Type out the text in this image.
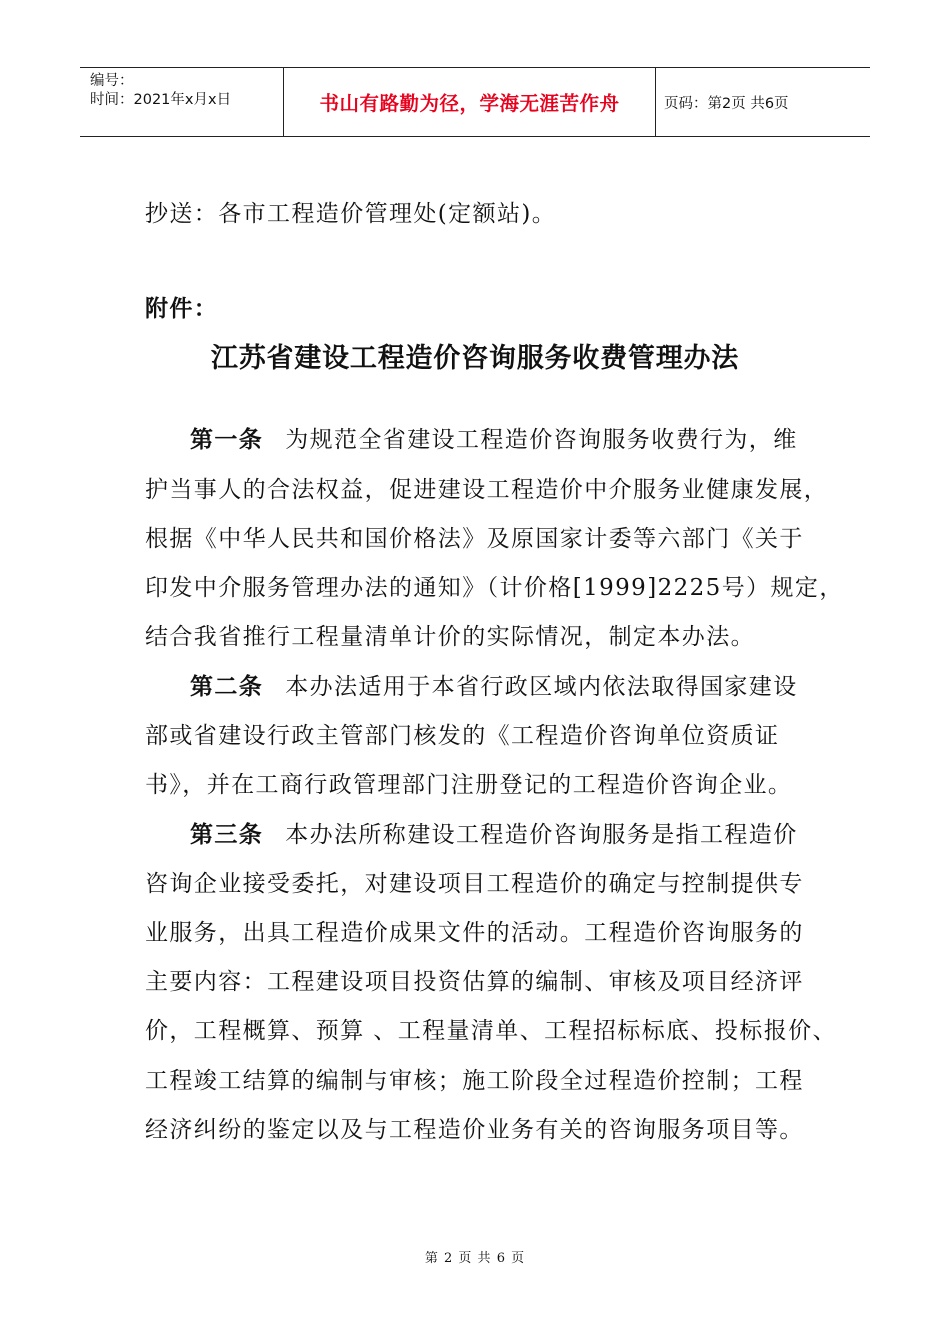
编号：
时间：2021年x月x日	书山有路勤为径，学海无涯苦作舟	页码：第2页 共6页
抄送：各市工程造价管理处(定额站)。
附件：
江苏省建设工程造价咨询服务收费管理办法
第一条 为规范全省建设工程造价咨询服务收费行为，维
护当事人的合法权益，促进建设工程造价中介服务业健康发展，
根据《中华人民共和国价格法》及原国家计委等六部门《关于
印发中介服务管理办法的通知》（计价格[1999]2225号）规定，
结合我省推行工程量清单计价的实际情况，制定本办法。
第二条 本办法适用于本省行政区域内依法取得国家建设
部或省建设行政主管部门核发的《工程造价咨询单位资质证
书》，并在工商行政管理部门注册登记的工程造价咨询企业。
第三条 本办法所称建设工程造价咨询服务是指工程造价
咨询企业接受委托，对建设项目工程造价的确定与控制提供专
业服务，出具工程造价成果文件的活动。工程造价咨询服务的
主要内容：工程建设项目投资估算的编制、审核及项目经济评
价，工程概算、预算 、工程量清单、工程招标标底、投标报价、
工程竣工结算的编制与审核；施工阶段全过程造价控制；工程
经济纠纷的鉴定以及与工程造价业务有关的咨询服务项目等。
第 2 页 共 6 页
